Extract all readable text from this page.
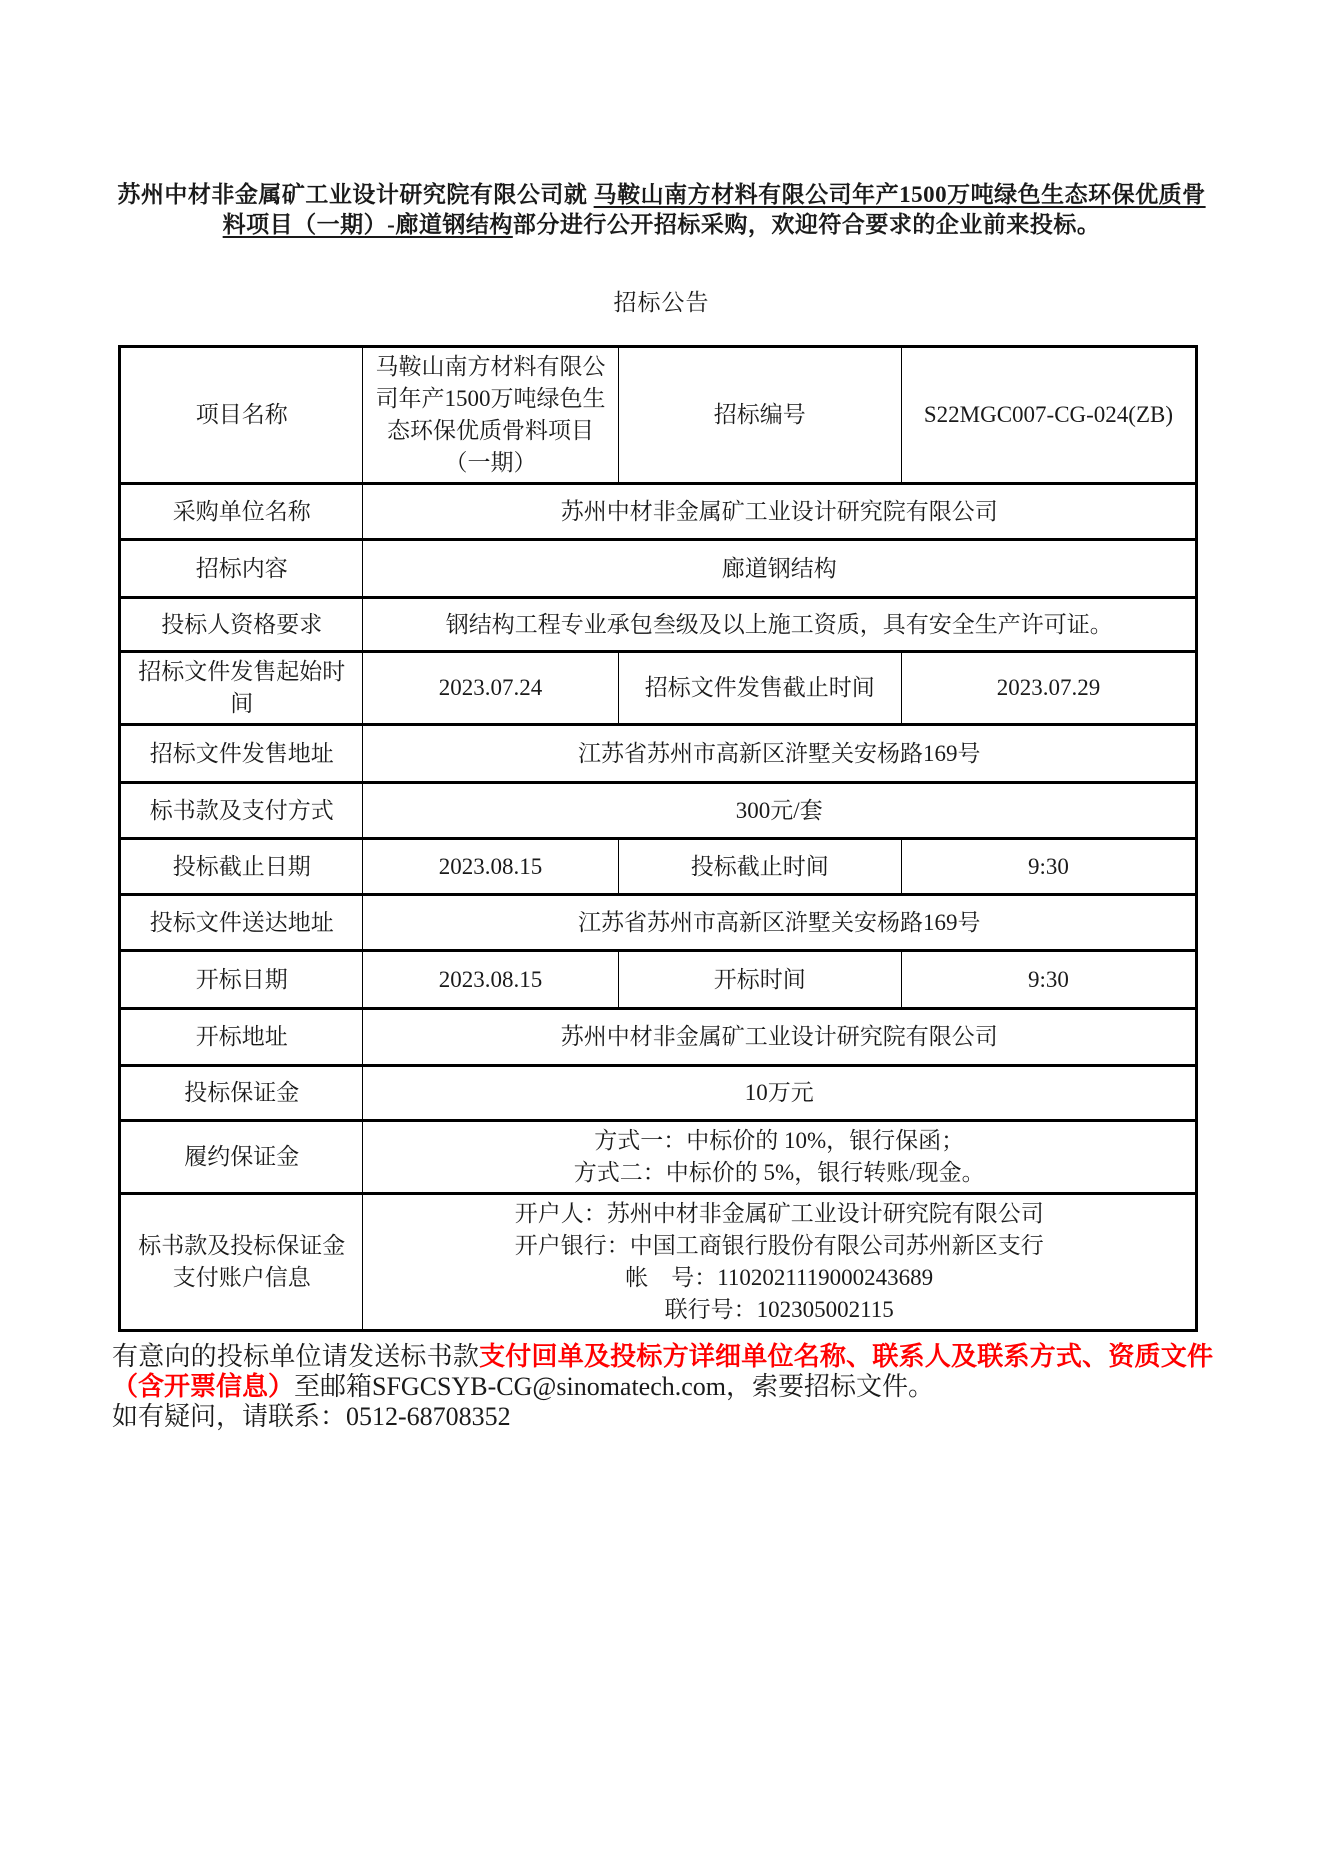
苏州中材非金属矿工业设计研究院有限公司就 马鞍山南方材料有限公司年产1500万吨绿色生态环保优质骨
料项目（一期）-廊道钢结构部分进行公开招标采购，欢迎符合要求的企业前来投标。

招标公告
项目名称	马鞍山南方材料有限公司年产1500万吨绿色生态环保优质骨料项目（一期）	招标编号	S22MGC007-CG-024(ZB)
采购单位名称	苏州中材非金属矿工业设计研究院有限公司		
招标内容	廊道钢结构		
投标人资格要求	钢结构工程专业承包叁级及以上施工资质，具有安全生产许可证。		
招标文件发售起始时间	2023.07.24	招标文件发售截止时间	2023.07.29
招标文件发售地址	江苏省苏州市高新区浒墅关安杨路169号		
标书款及支付方式	300元/套		
投标截止日期	2023.08.15	投标截止时间	9:30
投标文件送达地址	江苏省苏州市高新区浒墅关安杨路169号		
开标日期	2023.08.15	开标时间	9:30
开标地址	苏州中材非金属矿工业设计研究院有限公司		
投标保证金	10万元		
履约保证金	方式一：中标价的 10%，银行保函；
方式二：中标价的 5%，银行转账/现金。		

标书款及投标保证金支付账户信息	开户人：苏州中材非金属矿工业设计研究院有限公司
开户银行：中国工商银行股份有限公司苏州新区支行
帐　号：1102021119000243689
联行号：102305002115		

有意向的投标单位请发送标书款支付回单及投标方详细单位名称、联系人及联系方式、资质文件（含开票信息）至邮箱SFGCSYB-CG@sinomatech.com，索要招标文件。

如有疑问，请联系：0512-68708352
